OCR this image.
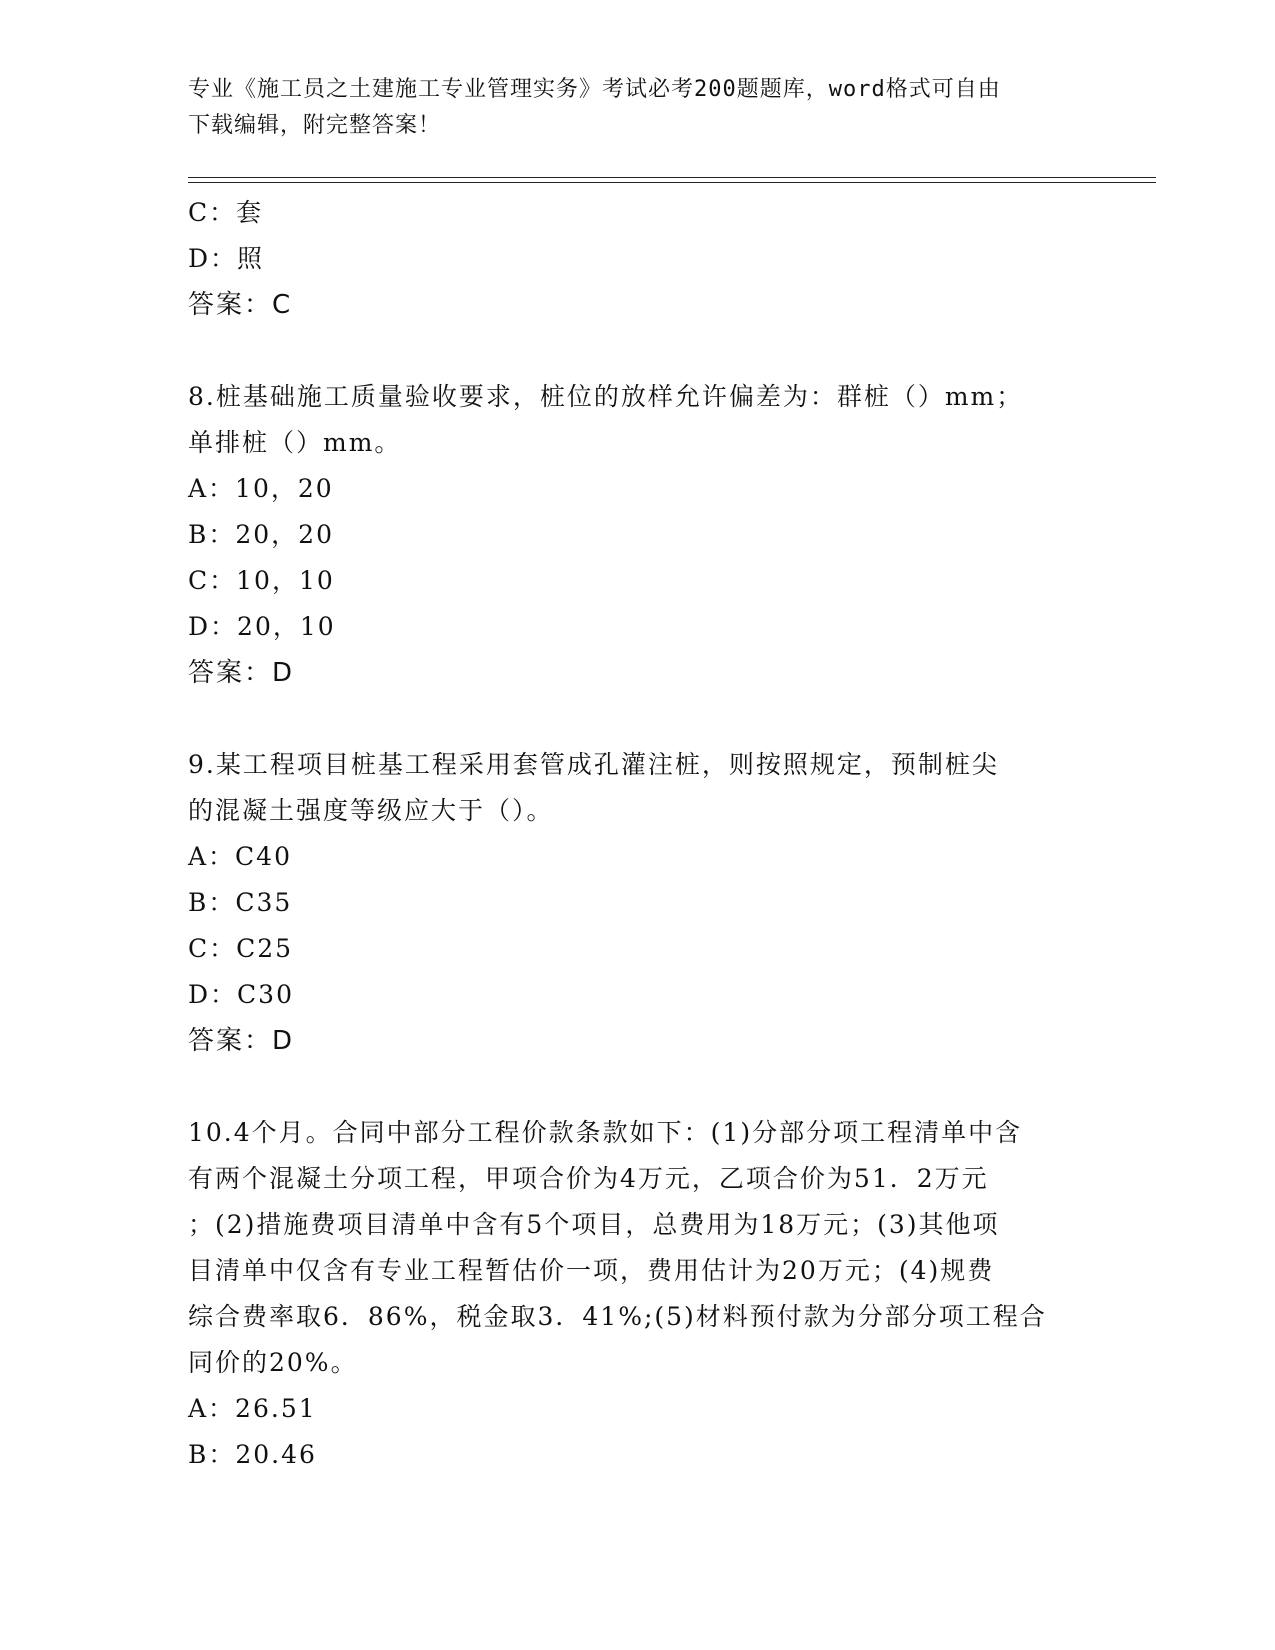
专业《施工员之土建施工专业管理实务》考试必考200题题库，word格式可自由
下载编辑，附完整答案！
C：套
D：照
答案：C
8.桩基础施工质量验收要求，桩位的放样允许偏差为：群桩（）mm；
单排桩（）mm。
A：10，20
B：20，20
C：10，10
D：20，10
答案：D
9.某工程项目桩基工程采用套管成孔灌注桩，则按照规定，预制桩尖
的混凝土强度等级应大于（）。
A：C40
B：C35
C：C25
D：C30
答案：D
10.4个月。合同中部分工程价款条款如下：(1)分部分项工程清单中含
有两个混凝土分项工程，甲项合价为4万元，乙项合价为51．2万元
；(2)措施费项目清单中含有5个项目，总费用为18万元；(3)其他项
目清单中仅含有专业工程暂估价一项，费用估计为20万元；(4)规费
综合费率取6．86%，税金取3．41%;(5)材料预付款为分部分项工程合
同价的20%。
A：26.51
B：20.46
